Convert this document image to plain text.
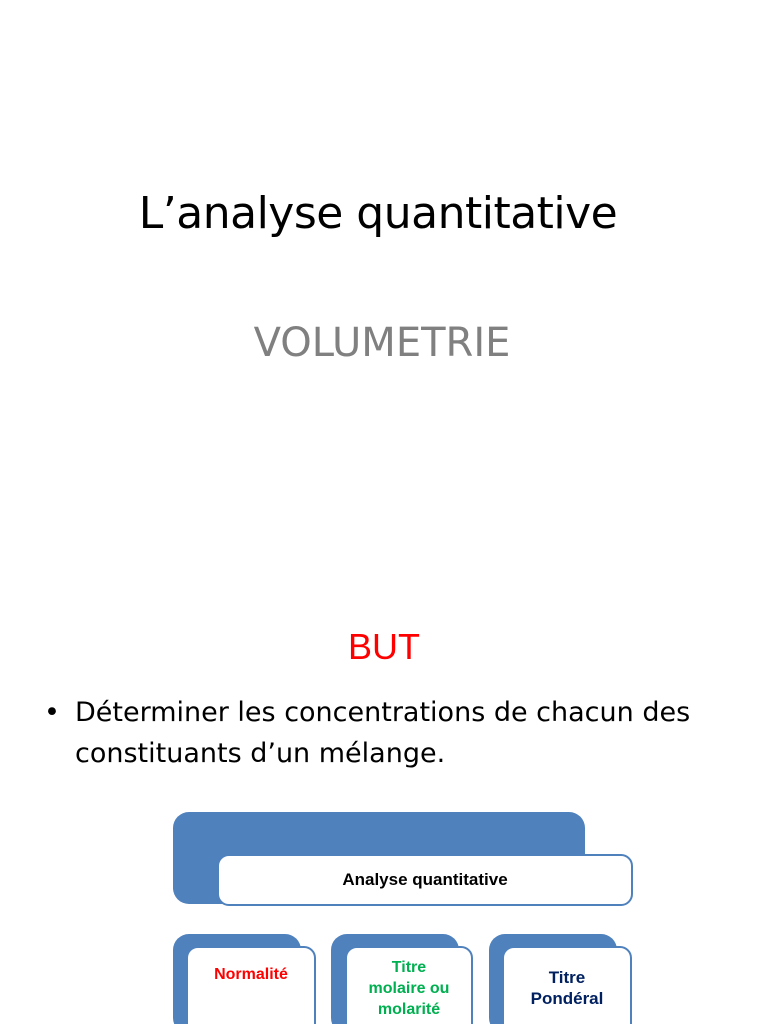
L’analyse quantitative
VOLUMETRIE
BUT
• Déterminer les concentrations de chacun des
constituants d’un mélange.
Analyse quantitative
Normalité	Titre
molaire ou
molarité
Titre
Pondéral
